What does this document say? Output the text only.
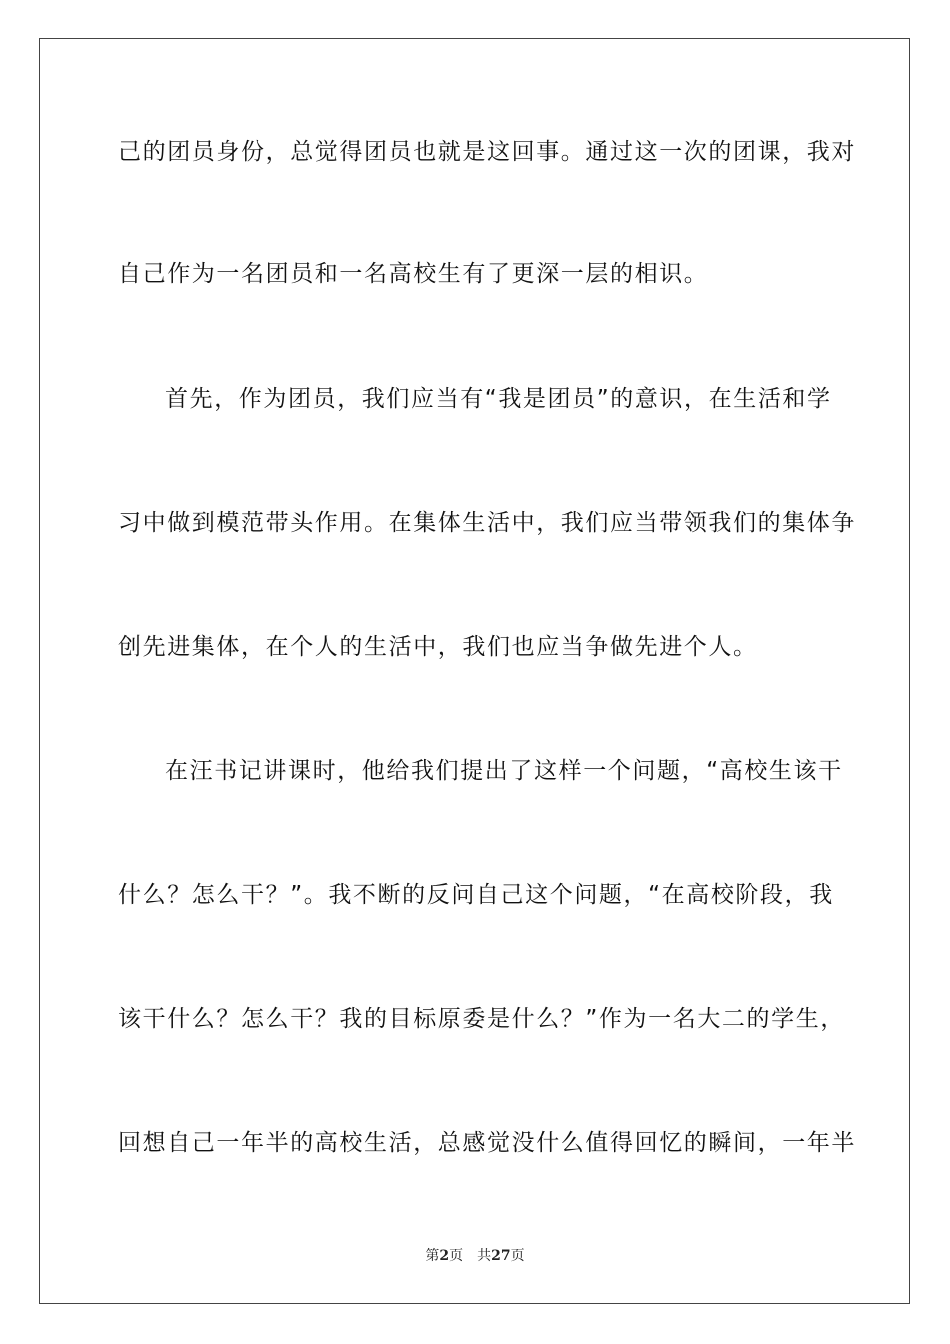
己的团员身份，总觉得团员也就是这回事。通过这一次的团课，我对
自己作为一名团员和一名高校生有了更深一层的相识。
首先，作为团员，我们应当有“我是团员”的意识，在生活和学
习中做到模范带头作用。在集体生活中，我们应当带领我们的集体争
创先进集体，在个人的生活中，我们也应当争做先进个人。
在汪书记讲课时，他给我们提出了这样一个问题，“高校生该干
什么？怎么干？”。我不断的反问自己这个问题，“在高校阶段，我
该干什么？怎么干？我的目标原委是什么？”作为一名大二的学生，
回想自己一年半的高校生活，总感觉没什么值得回忆的瞬间，一年半
第2页 共27页
